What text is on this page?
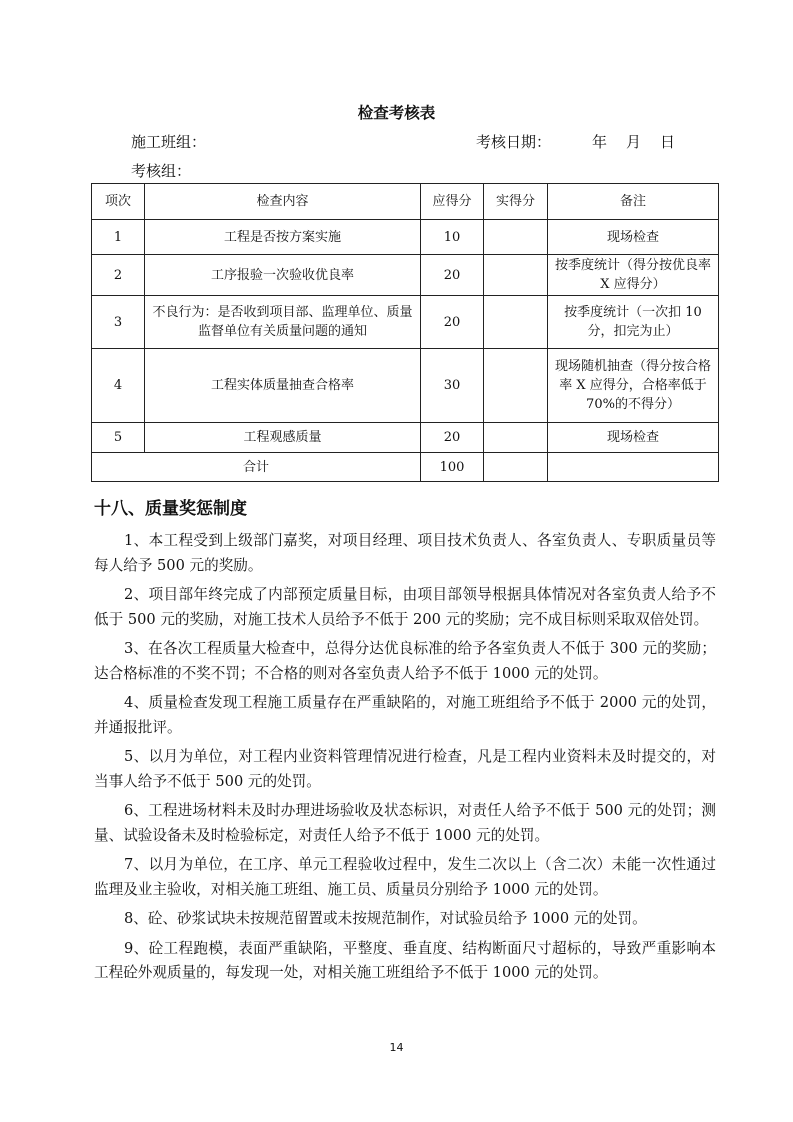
检查考核表
施工班组：	考核日期：	年 月 日
考核组：
项次	检查内容	应得分	实得分	备注
1	工程是否按方案实施	10		现场检查
2	工序报验一次验收优良率	20		按季度统计（得分按优良率 X 应得分）
3	不良行为：是否收到项目部、监理单位、质量监督单位有关质量问题的通知	20		按季度统计（一次扣 10 分，扣完为止）
4	工程实体质量抽查合格率	30		现场随机抽查（得分按合格率 X 应得分，合格率低于 70%的不得分）
5	工程观感质量	20		现场检查
合计		100		
十八、质量奖惩制度

1、本工程受到上级部门嘉奖，对项目经理、项目技术负责人、各室负责人、专职质量员等每人给予 500 元的奖励。

2、项目部年终完成了内部预定质量目标，由项目部领导根据具体情况对各室负责人给予不低于 500 元的奖励，对施工技术人员给予不低于 200 元的奖励；完不成目标则采取双倍处罚。

3、在各次工程质量大检查中，总得分达优良标准的给予各室负责人不低于 300 元的奖励；达合格标准的不奖不罚；不合格的则对各室负责人给予不低于 1000 元的处罚。

4、质量检查发现工程施工质量存在严重缺陷的，对施工班组给予不低于 2000 元的处罚，并通报批评。

5、以月为单位，对工程内业资料管理情况进行检查，凡是工程内业资料未及时提交的，对当事人给予不低于 500 元的处罚。

6、工程进场材料未及时办理进场验收及状态标识，对责任人给予不低于 500 元的处罚；测量、试验设备未及时检验标定，对责任人给予不低于 1000 元的处罚。

7、以月为单位，在工序、单元工程验收过程中，发生二次以上（含二次）未能一次性通过监理及业主验收，对相关施工班组、施工员、质量员分别给予 1000 元的处罚。

8、砼、砂浆试块未按规范留置或未按规范制作，对试验员给予 1000 元的处罚。

9、砼工程跑模，表面严重缺陷，平整度、垂直度、结构断面尺寸超标的，导致严重影响本工程砼外观质量的，每发现一处，对相关施工班组给予不低于 1000 元的处罚。

14
